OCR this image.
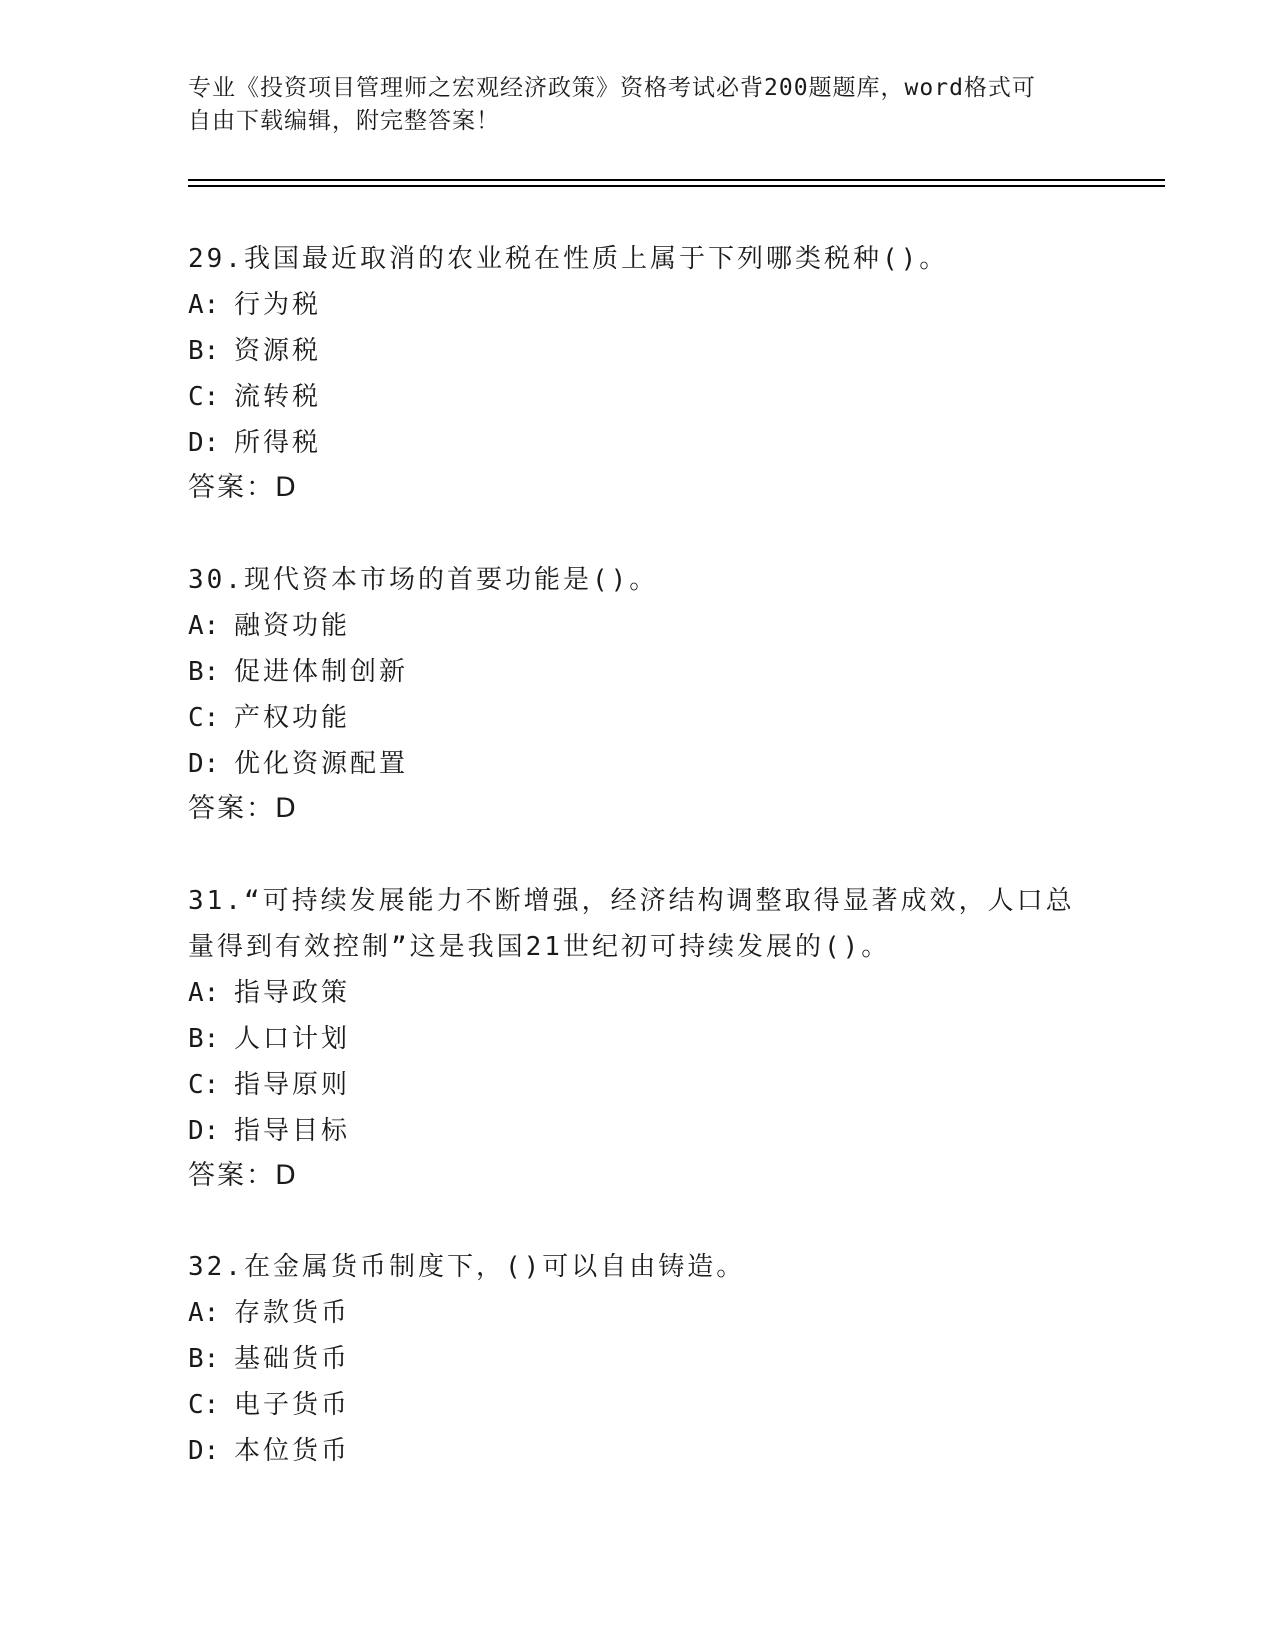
专业《投资项目管理师之宏观经济政策》资格考试必背200题题库，word格式可
自由下载编辑，附完整答案！

29.我国最近取消的农业税在性质上属于下列哪类税种()。

A: 行为税
B: 资源税
C: 流转税
D: 所得税
答案：D

30.现代资本市场的首要功能是()。

A: 融资功能
B: 促进体制创新
C: 产权功能
D: 优化资源配置
答案：D

31.“可持续发展能力不断增强，经济结构调整取得显著成效，人口总量得到有效控制”这是我国21世纪初可持续发展的()。

A: 指导政策
B: 人口计划
C: 指导原则
D: 指导目标
答案：D

32.在金属货币制度下，()可以自由铸造。

A: 存款货币
B: 基础货币
C: 电子货币
D: 本位货币
